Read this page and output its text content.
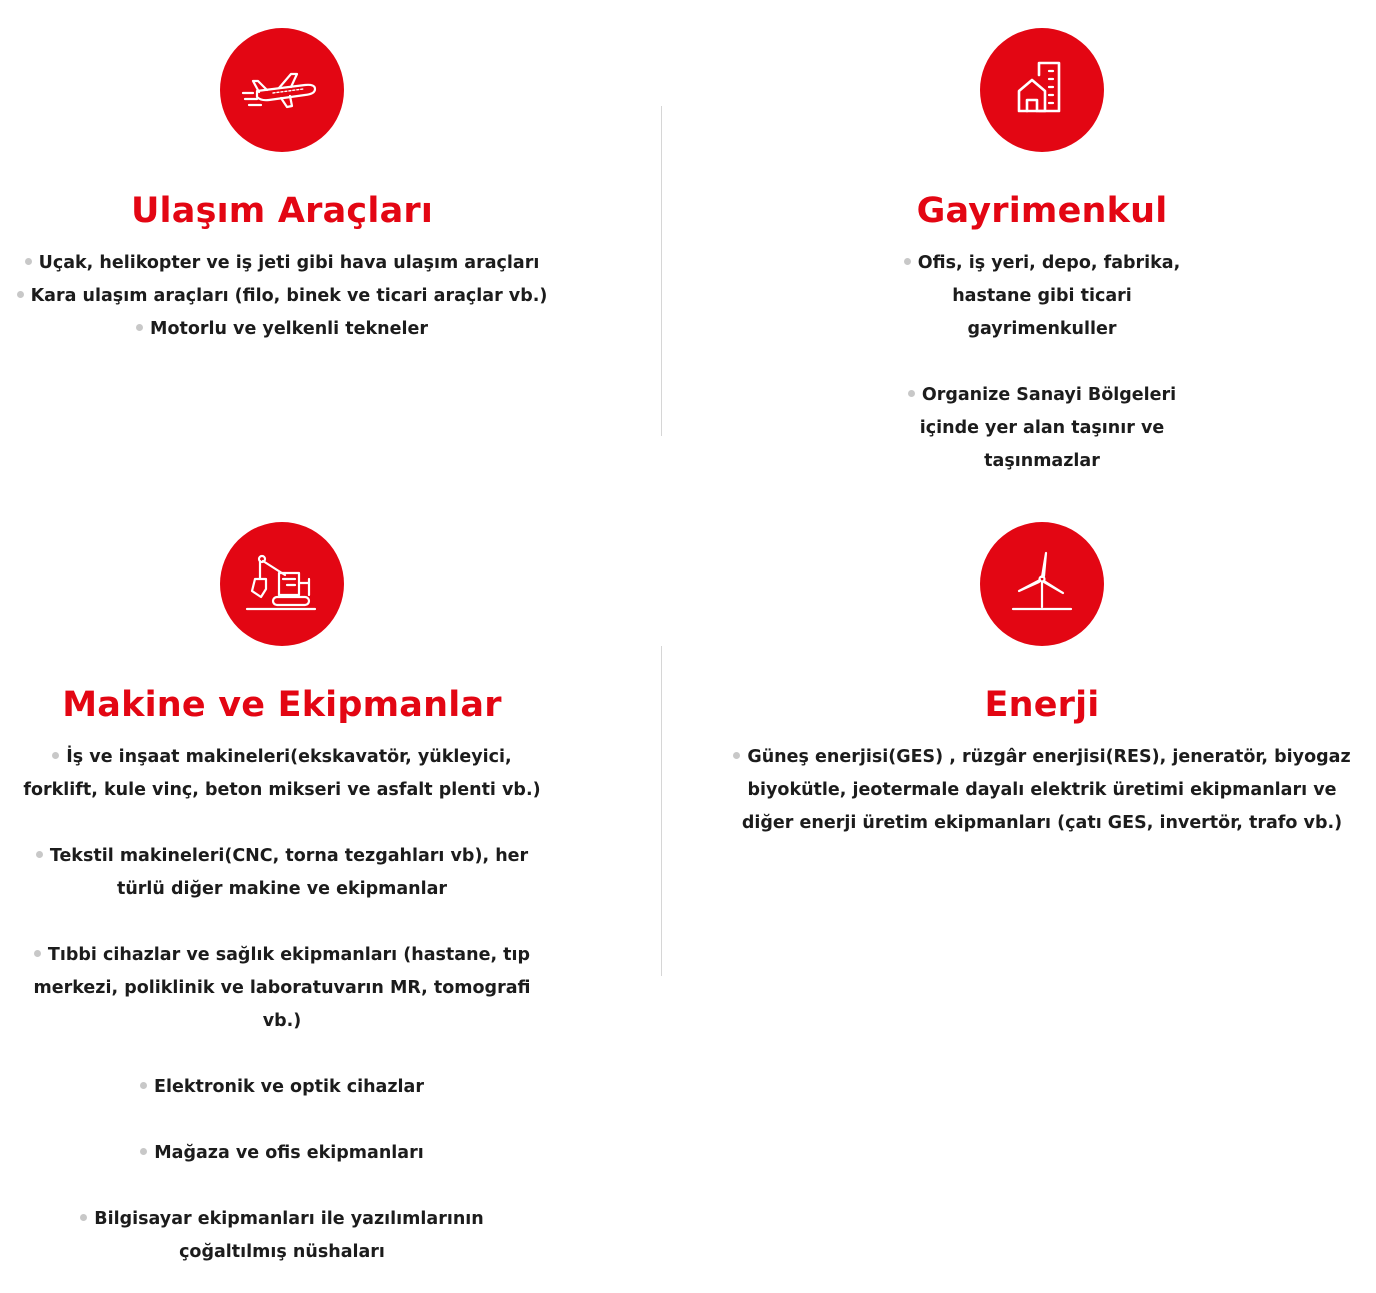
Ulaşım Araçları
Uçak, helikopter ve iş jeti gibi hava ulaşım araçları
Kara ulaşım araçları (filo, binek ve ticari araçlar vb.)
Motorlu ve yelkenli tekneler
Gayrimenkul
Ofis, iş yeri, depo, fabrika, hastane gibi ticari gayrimenkuller
Organize Sanayi Bölgeleri içinde yer alan taşınır ve taşınmazlar
Makine ve Ekipmanlar
İş ve inşaat makineleri(ekskavatör, yükleyici, forklift, kule vinç, beton mikseri ve asfalt plenti vb.)
Tekstil makineleri(CNC, torna tezgahları vb), her türlü diğer makine ve ekipmanlar
Tıbbi cihazlar ve sağlık ekipmanları (hastane, tıp merkezi, poliklinik ve laboratuvarın MR, tomografi vb.)
Elektronik ve optik cihazlar
Mağaza ve ofis ekipmanları
Bilgisayar ekipmanları ile yazılımlarının çoğaltılmış nüshaları
Enerji
Güneş enerjisi(GES) , rüzgâr enerjisi(RES), jeneratör, biyogaz biyokütle, jeotermale dayalı elektrik üretimi ekipmanları ve diğer enerji üretim ekipmanları (çatı GES, invertör, trafo vb.)
